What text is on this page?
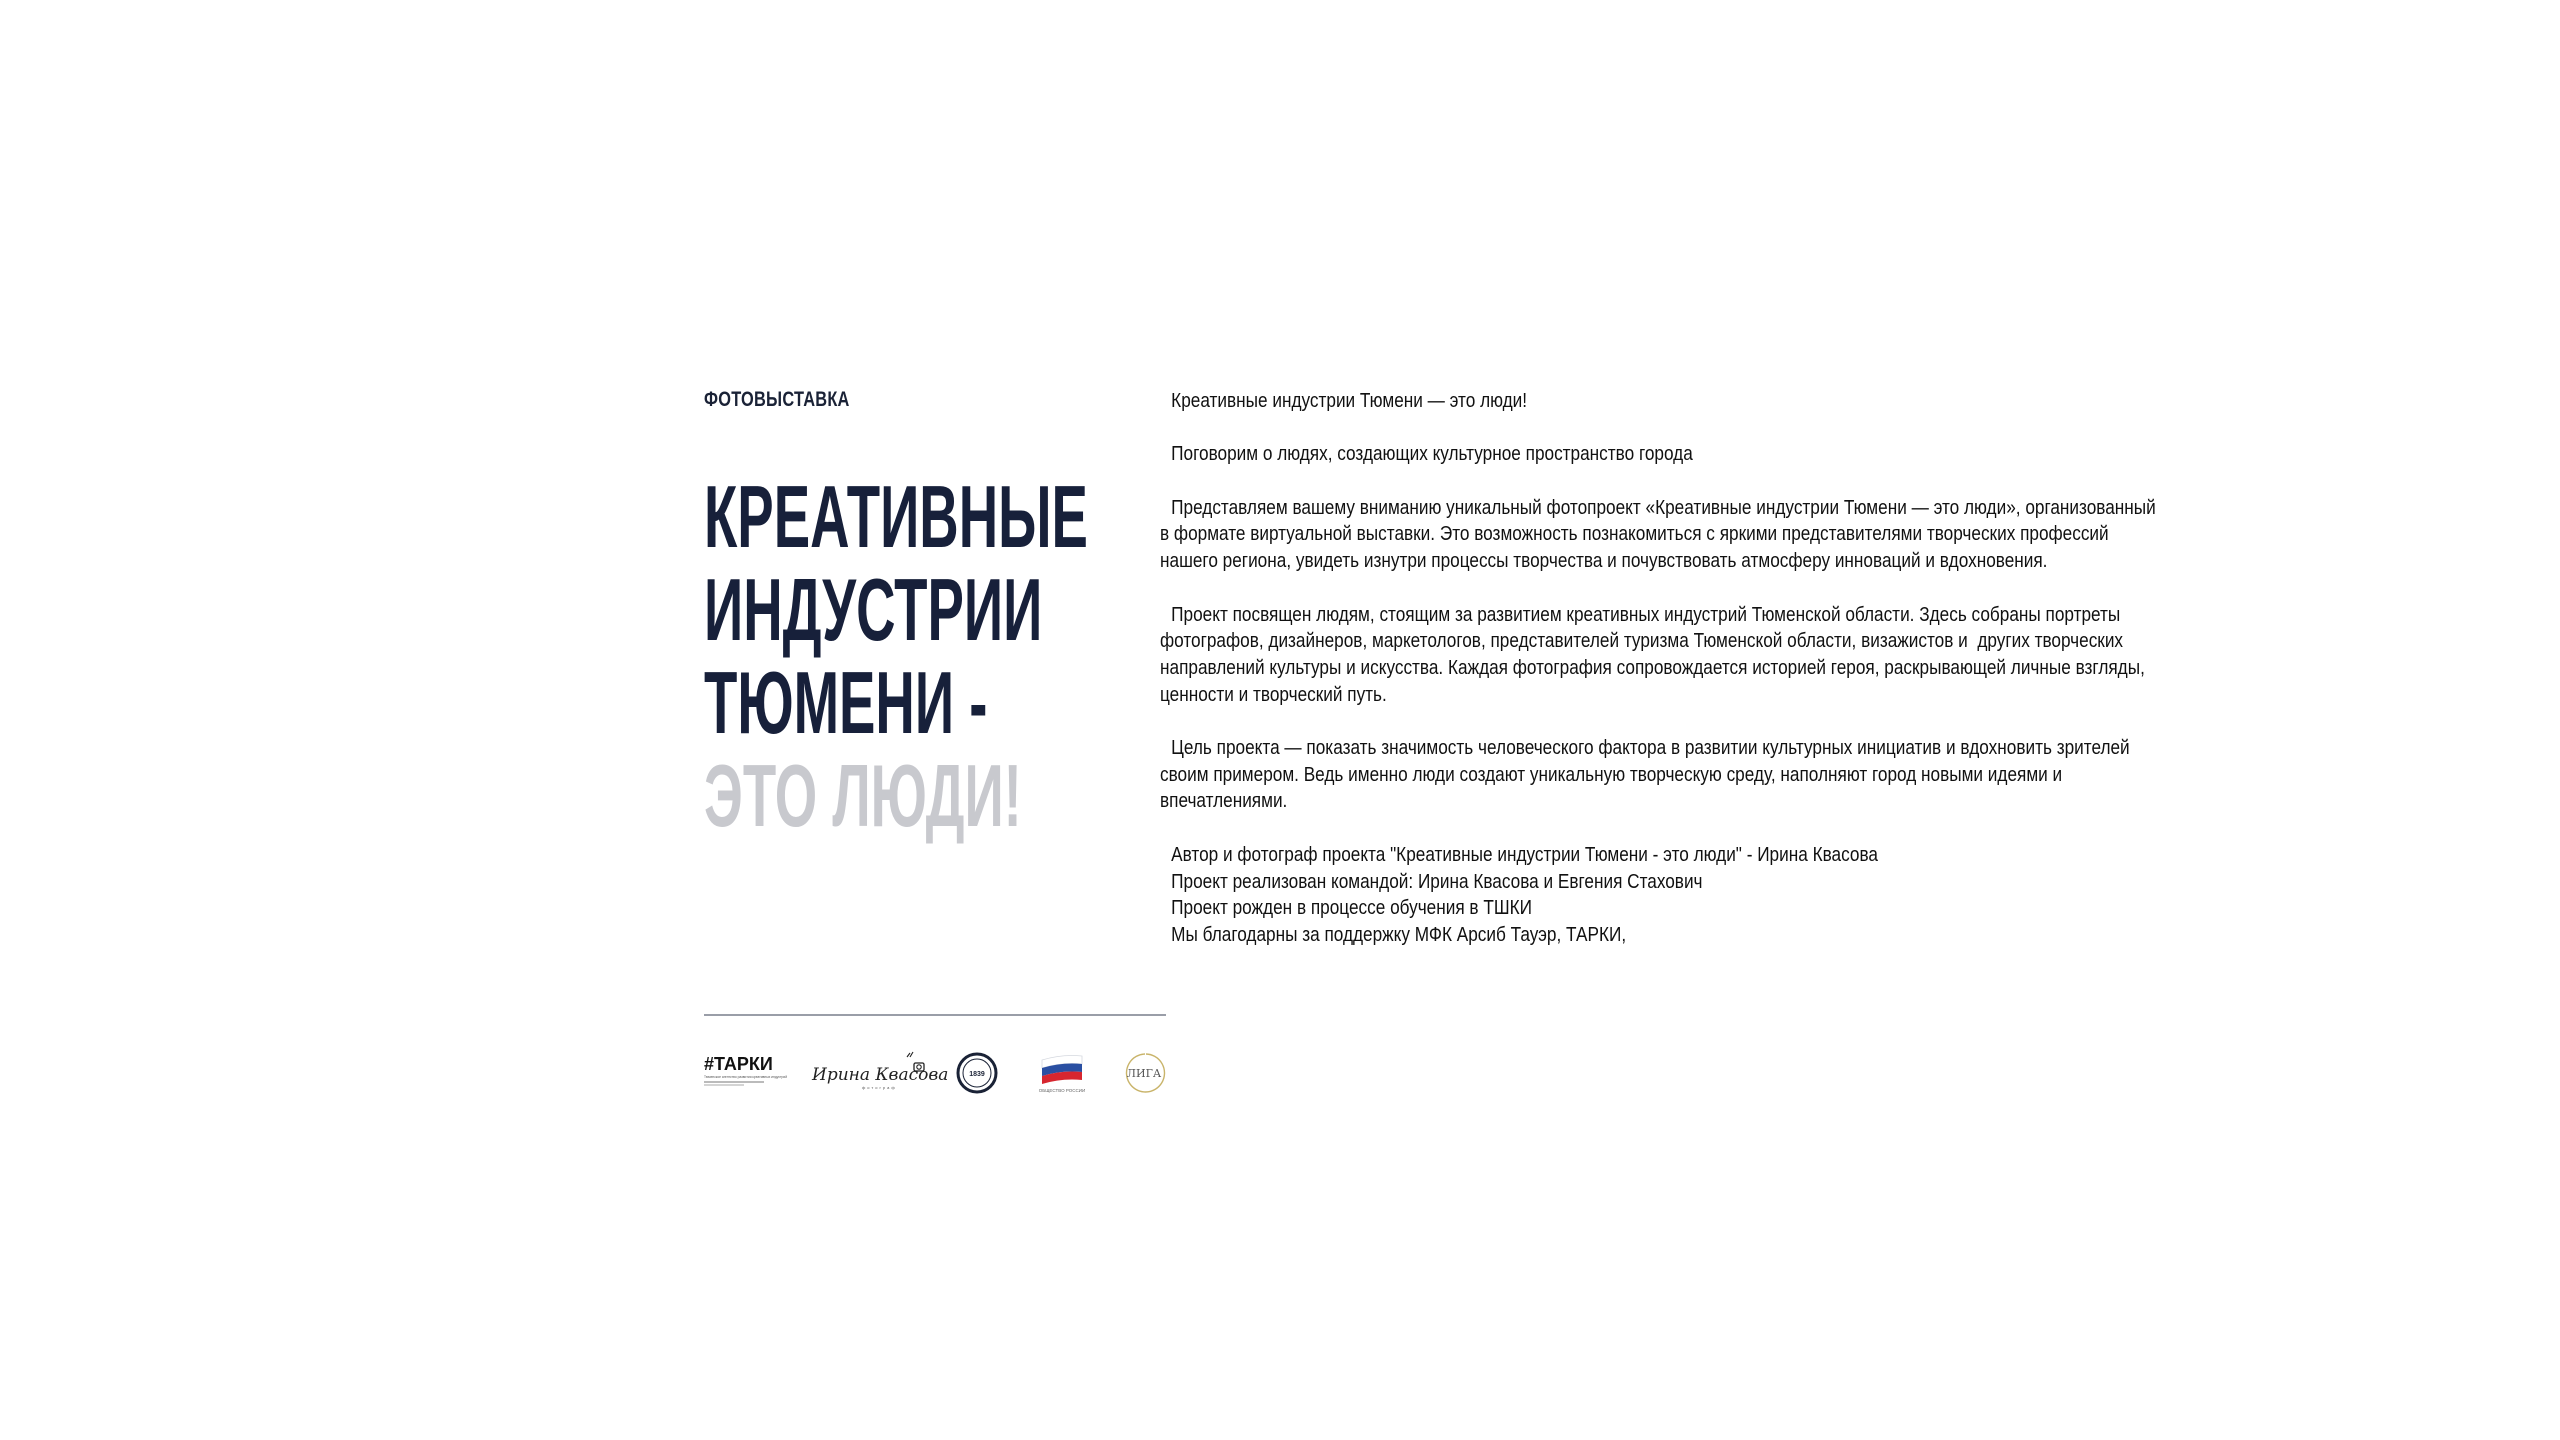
ФОТОВЫСТАВКА
КРЕАТИВНЫЕ
ИНДУСТРИИ
ТЮМЕНИ -
ЭТО ЛЮДИ!
#ТАРКИ
Тюменское агентство развития креативных индустрий Ирина Квасова
фотограф
1839
ОБЩЕСТВО РОССИИ
ЛИГА

Креативные индустрии Тюмени — это люди!

Поговорим о людях, создающих культурное пространство города

Представляем вашему вниманию уникальный фотопроект «Креативные индустрии Тюмени — это люди», организованный в формате виртуальной выставки. Это возможность познакомиться с яркими представителями творческих профессий нашего региона, увидеть изнутри процессы творчества и почувствовать атмосферу инноваций и вдохновения.

Проект посвящен людям, стоящим за развитием креативных индустрий Тюменской области. Здесь собраны портреты фотографов, дизайнеров, маркетологов, представителей туризма Тюменской области, визажистов и  других творческих направлений культуры и искусства. Каждая фотография сопровождается историей героя, раскрывающей личные взгляды, ценности и творческий путь.

Цель проекта — показать значимость человеческого фактора в развитии культурных инициатив и вдохновить зрителей своим примером. Ведь именно люди создают уникальную творческую среду, наполняют город новыми идеями и впечатлениями.

Автор и фотограф проекта "Креативные индустрии Тюмени - это люди" - Ирина Квасова
Проект реализован командой: Ирина Квасова и Евгения Стахович
Проект рожден в процессе обучения в ТШКИ
Мы благодарны за поддержку МФК Арсиб Тауэр, ТАРКИ,
